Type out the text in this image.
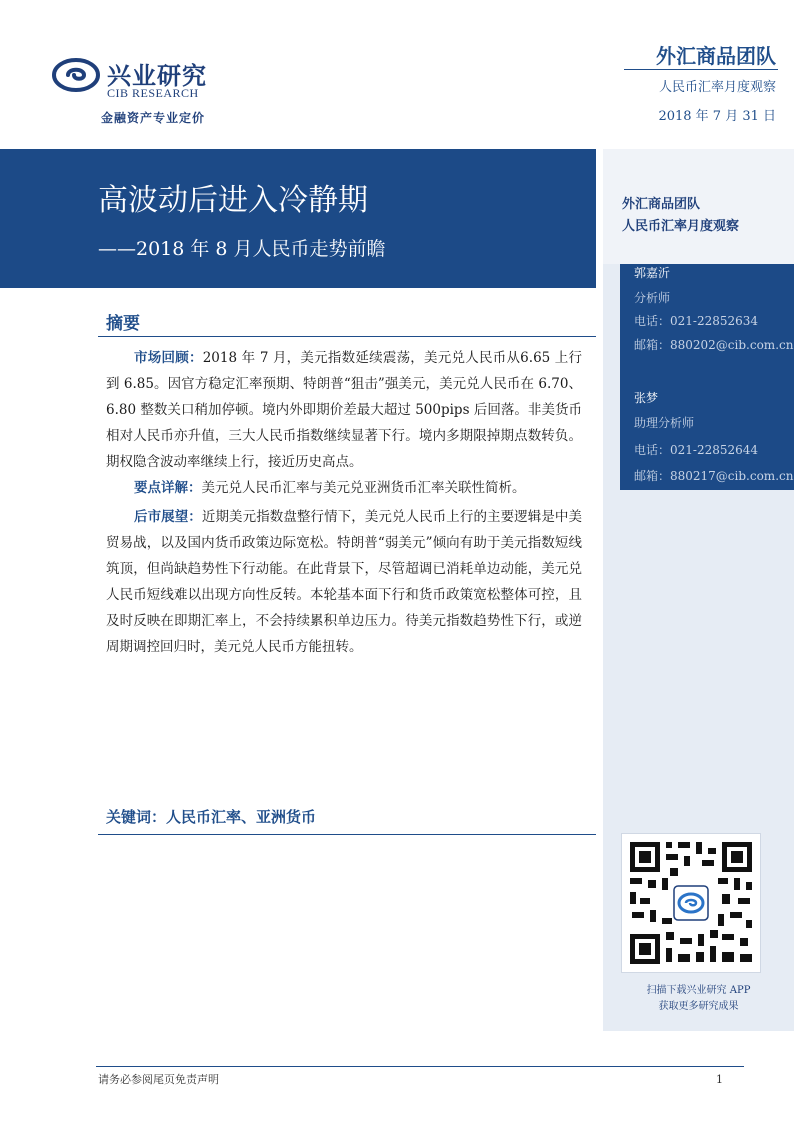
兴业研究
CIB RESEARCH
金融资产专业定价
外汇商品团队
人民币汇率月度观察
2018 年 7 月 31 日
高波动后进入冷静期
——2018 年 8 月人民币走势前瞻
外汇商品团队
人民币汇率月度观察
郭嘉沂
分析师
电话：021-22852634
邮箱：880202@cib.com.cn
张梦
助理分析师
电话：021-22852644
邮箱：880217@cib.com.cn
扫描下载兴业研究 APP
获取更多研究成果
摘要
市场回顾：2018 年 7 月，美元指数延续震荡，美元兑人民币从6.65 上行到 6.85。因官方稳定汇率预期、特朗普“狙击”强美元，美元兑人民币在 6.70、6.80 整数关口稍加停顿。境内外即期价差最大超过 500pips 后回落。非美货币相对人民币亦升值，三大人民币指数继续显著下行。境内多期限掉期点数转负。期权隐含波动率继续上行，接近历史高点。
要点详解：美元兑人民币汇率与美元兑亚洲货币汇率关联性简析。
后市展望：近期美元指数盘整行情下，美元兑人民币上行的主要逻辑是中美贸易战，以及国内货币政策边际宽松。特朗普“弱美元”倾向有助于美元指数短线筑顶，但尚缺趋势性下行动能。在此背景下，尽管超调已消耗单边动能，美元兑人民币短线难以出现方向性反转。本轮基本面下行和货币政策宽松整体可控，且及时反映在即期汇率上，不会持续累积单边压力。待美元指数趋势性下行，或逆周期调控回归时，美元兑人民币方能扭转。
关键词：人民币汇率、亚洲货币
请务必参阅尾页免责声明	1
